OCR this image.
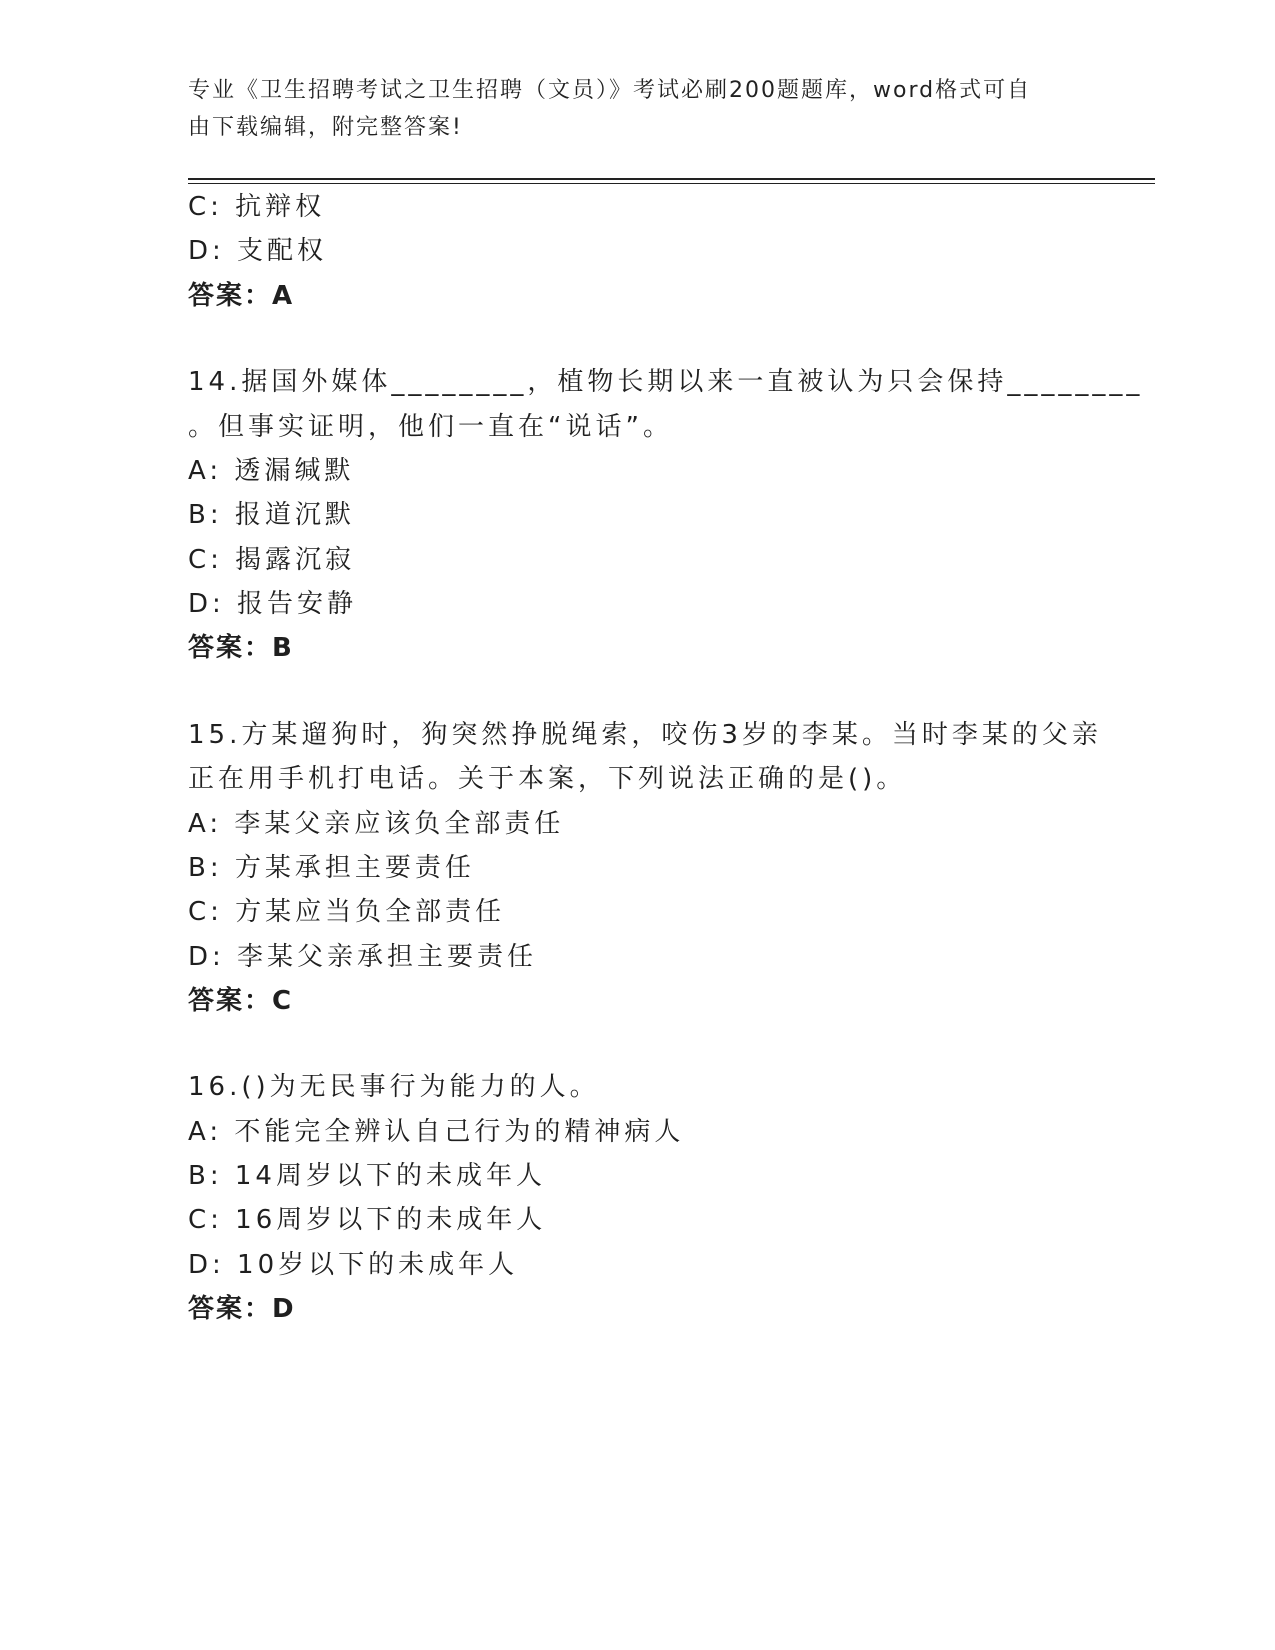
专业《卫生招聘考试之卫生招聘（文员）》考试必刷200题题库，word格式可自
由下载编辑，附完整答案!
C: 抗辩权
D: 支配权
答案：A
14.据国外媒体________，植物长期以来一直被认为只会保持________
。但事实证明，他们一直在“说话”。
A: 透漏缄默
B: 报道沉默
C: 揭露沉寂
D: 报告安静
答案：B
15.方某遛狗时，狗突然挣脱绳索，咬伤3岁的李某。当时李某的父亲
正在用手机打电话。关于本案，下列说法正确的是()。
A: 李某父亲应该负全部责任
B: 方某承担主要责任
C: 方某应当负全部责任
D: 李某父亲承担主要责任
答案：C
16.()为无民事行为能力的人。
A: 不能完全辨认自己行为的精神病人
B: 14周岁以下的未成年人
C: 16周岁以下的未成年人
D: 10岁以下的未成年人
答案：D
